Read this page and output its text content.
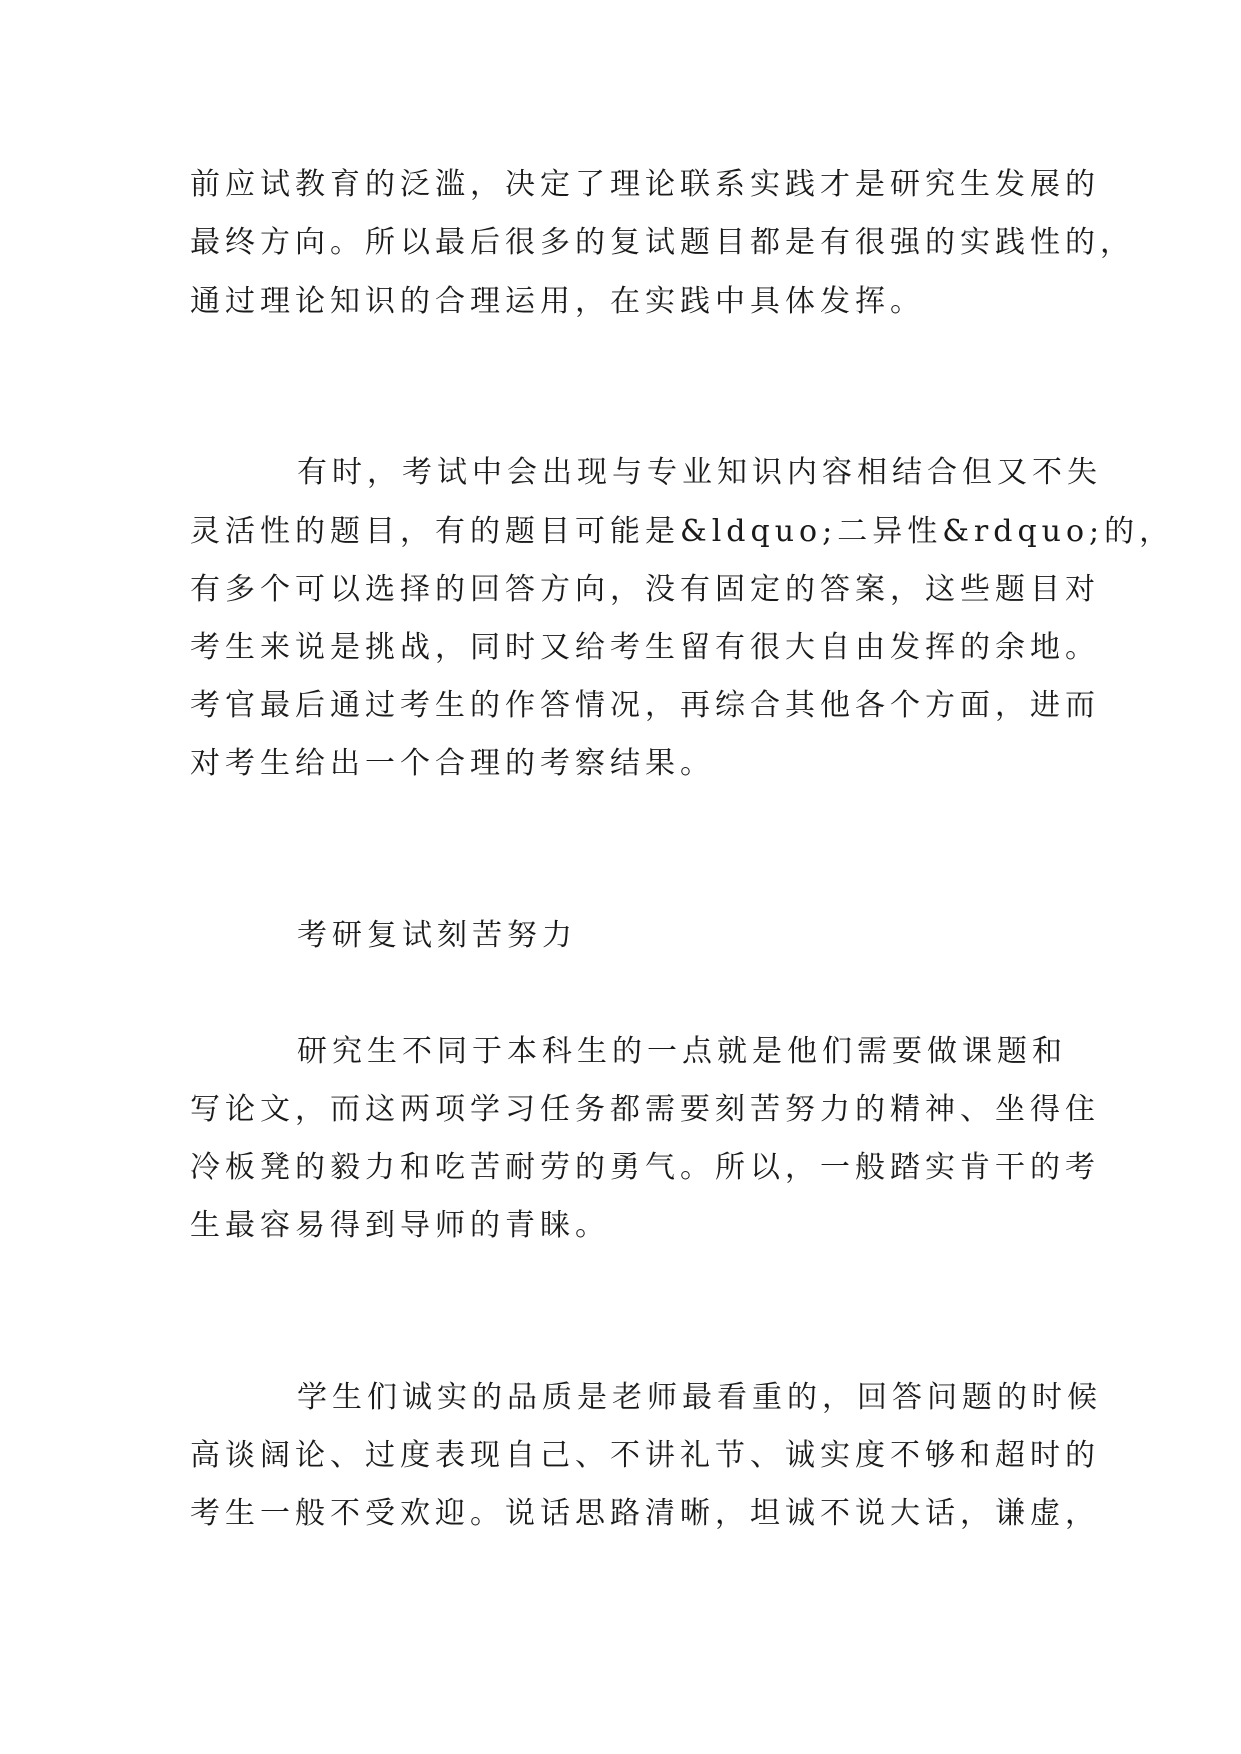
前应试教育的泛滥，决定了理论联系实践才是研究生发展的
最终方向。所以最后很多的复试题目都是有很强的实践性的，
通过理论知识的合理运用，在实践中具体发挥。
有时，考试中会出现与专业知识内容相结合但又不失
灵活性的题目，有的题目可能是&ldquo;二异性&rdquo;的，
有多个可以选择的回答方向，没有固定的答案，这些题目对
考生来说是挑战，同时又给考生留有很大自由发挥的余地。
考官最后通过考生的作答情况，再综合其他各个方面，进而
对考生给出一个合理的考察结果。
考研复试刻苦努力
研究生不同于本科生的一点就是他们需要做课题和
写论文，而这两项学习任务都需要刻苦努力的精神、坐得住
冷板凳的毅力和吃苦耐劳的勇气。所以，一般踏实肯干的考
生最容易得到导师的青睐。
学生们诚实的品质是老师最看重的，回答问题的时候
高谈阔论、过度表现自己、不讲礼节、诚实度不够和超时的
考生一般不受欢迎。说话思路清晰，坦诚不说大话，谦虚，
